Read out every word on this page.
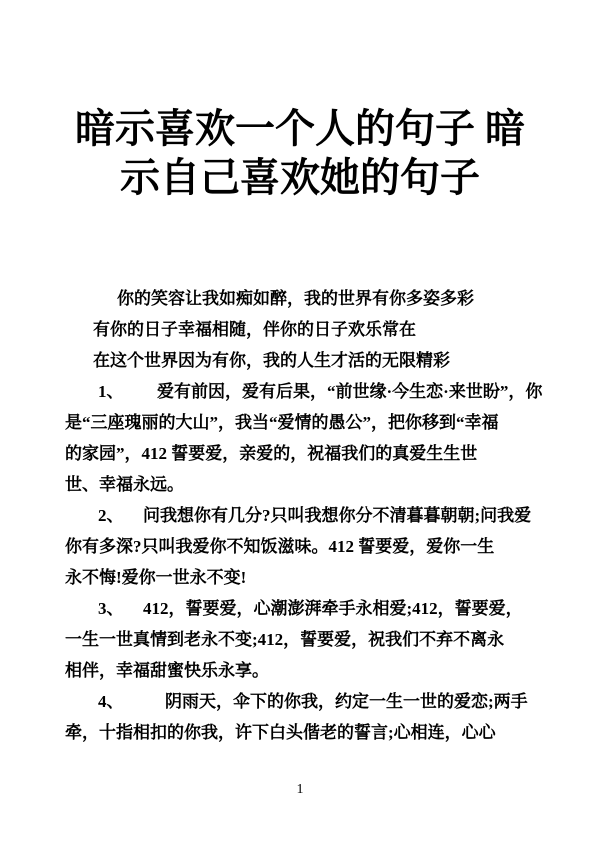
暗示喜欢一个人的句子 暗
示自己喜欢她的句子
你的笑容让我如痴如醉，我的世界有你多姿多彩
有你的日子幸福相随，伴你的日子欢乐常在
在这个世界因为有你，我的人生才活的无限精彩
1、 爱有前因，爱有后果，“前世缘·今生恋·来世盼”，你
是“三座瑰丽的大山”，我当“爱情的愚公”，把你移到“幸福
的家园”，412 誓要爱，亲爱的，祝福我们的真爱生生世
世、幸福永远。
2、 问我想你有几分?只叫我想你分不清暮暮朝朝;问我爱
你有多深?只叫我爱你不知饭滋味。412 誓要爱，爱你一生
永不悔!爱你一世永不变!
3、 412，誓要爱，心潮澎湃牵手永相爱;412，誓要爱，
一生一世真情到老永不变;412，誓要爱，祝我们不弃不离永
相伴，幸福甜蜜快乐永享。
4、 阴雨天，伞下的你我，约定一生一世的爱恋;两手
牵，十指相扣的你我，许下白头偕老的誓言;心相连，心心
1
